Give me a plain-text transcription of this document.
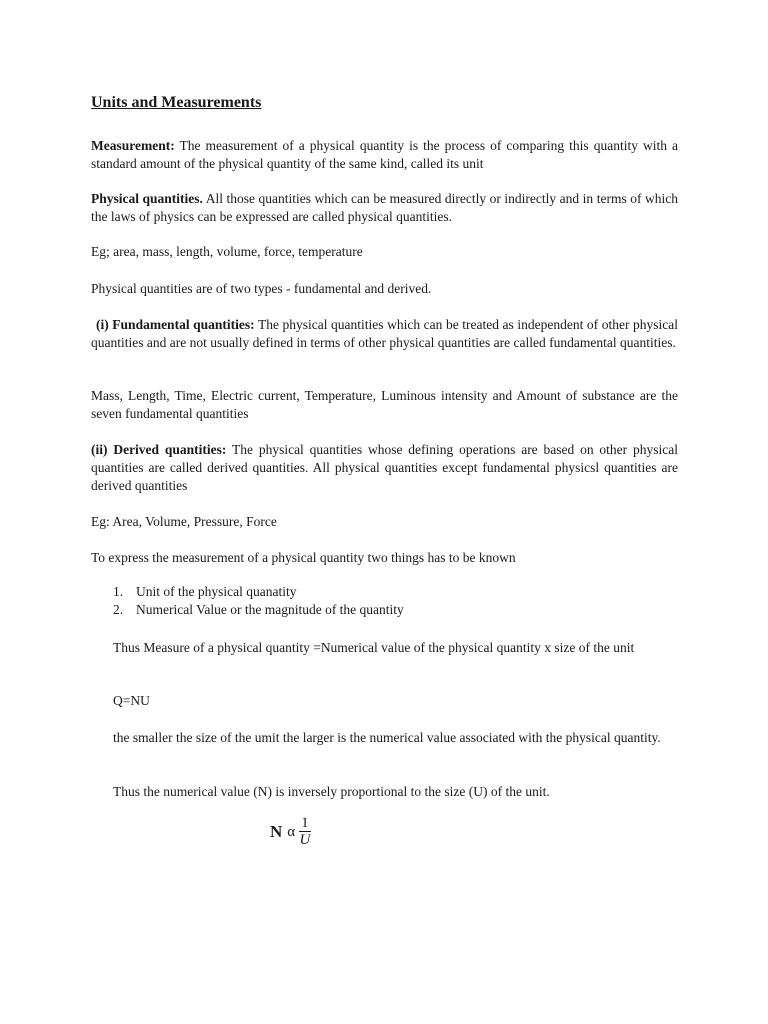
Units and Measurements

Measurement: The measurement of a physical quantity is the process of comparing this quantity with a standard amount of the physical quantity of the same kind, called its unit

Physical quantities. All those quantities which can be measured directly or indirectly and in terms of which the laws of physics can be expressed are called physical quantities.

Eg; area, mass, length, volume, force, temperature

Physical quantities are of two types - fundamental and derived.

(i) Fundamental quantities: The physical quantities which can be treated as independent of other physical quantities and are not usually defined in terms of other physical quantities are called fundamental quantities.

Mass, Length, Time, Electric current, Temperature, Luminous intensity and Amount of substance are the seven fundamental quantities

(ii) Derived quantities: The physical quantities whose defining operations are based on other physical quantities are called derived quantities. All physical quantities except fundamental physicsl quantities are derived quantities

Eg: Area, Volume, Pressure, Force

To express the measurement of a physical quantity two things has to be known

1. Unit of the physical quanatity
2. Numerical Value or the magnitude of the quantity

Thus Measure of a physical quantity =Numerical value of the physical quantity x size of the unit

Q=NU

the smaller the size of the umit the larger is the numerical value associated with the physical quantity.

Thus the numerical value (N) is inversely proportional to the size (U) of the unit.

N α $\frac{1}{U}$
